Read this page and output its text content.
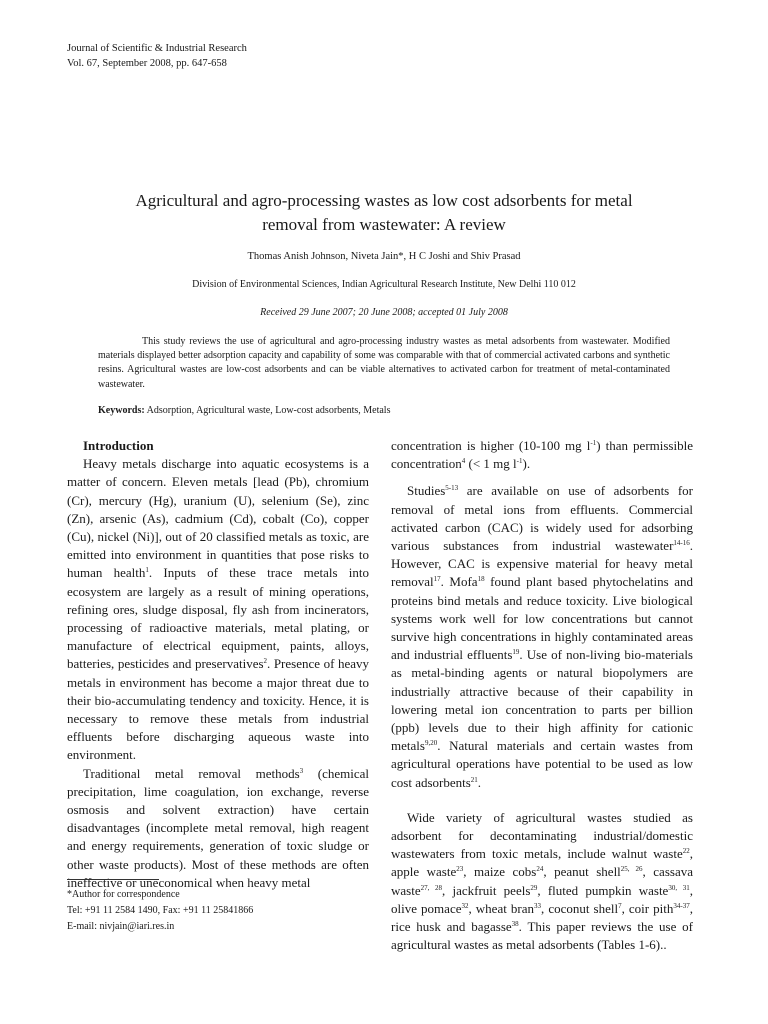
Journal of Scientific & Industrial Research
Vol. 67, September 2008, pp. 647-658
Agricultural and agro-processing wastes as low cost adsorbents for metal
removal from wastewater: A review
Thomas Anish Johnson, Niveta Jain*, H C Joshi and Shiv Prasad
Division of Environmental Sciences, Indian Agricultural Research Institute, New Delhi 110 012
Received 29 June 2007; 20 June 2008; accepted 01 July 2008
This study reviews the use of agricultural and agro-processing industry wastes as metal adsorbents from wastewater. Modified materials displayed better adsorption capacity and capability of some was comparable with that of commercial activated carbons and synthetic resins. Agricultural wastes are low-cost adsorbents and can be viable alternatives to activated carbon for treatment of metal-contaminated wastewater.
Keywords: Adsorption, Agricultural waste, Low-cost adsorbents, Metals

Introduction

Heavy metals discharge into aquatic ecosystems is a matter of concern. Eleven metals [lead (Pb), chromium (Cr), mercury (Hg), uranium (U), selenium (Se), zinc (Zn), arsenic (As), cadmium (Cd), cobalt (Co), copper (Cu), nickel (Ni)], out of 20 classified metals as toxic, are emitted into environment in quantities that pose risks to human health$^1$. Inputs of these trace metals into ecosystem are largely as a result of mining operations, refining ores, sludge disposal, fly ash from incinerators, processing of radioactive materials, metal plating, or manufacture of electrical equipment, paints, alloys, batteries, pesticides and preservatives$^2$. Presence of heavy metals in environment has become a major threat due to their bio-accumulating tendency and toxicity. Hence, it is necessary to remove these metals from industrial effluents before discharging aqueous waste into environment.

Traditional metal removal methods$^3$ (chemical precipitation, lime coagulation, ion exchange, reverse osmosis and solvent extraction) have certain disadvantages (incomplete metal removal, high reagent and energy requirements, generation of toxic sludge or other waste products). Most of these methods are often ineffective or uneconomical when heavy metal

concentration is higher (10-100 mg $l^{-1}$) than permissible concentration$^4$ (< 1 mg $l^{-1}$).

Studies$^{5-13}$ are available on use of adsorbents for removal of metal ions from effluents. Commercial activated carbon (CAC) is widely used for adsorbing various substances from industrial wastewater$^{14-16}$. However, CAC is expensive material for heavy metal removal$^{17}$. Mofa$^{18}$ found plant based phytochelatins and proteins bind metals and reduce toxicity. Live biological systems work well for low concentrations but cannot survive high concentrations in highly contaminated areas and industrial effluents$^{19}$. Use of non-living bio-materials as metal-binding agents or natural biopolymers are industrially attractive because of their capability in lowering metal ion concentration to parts per billion (ppb) levels due to their high affinity for cationic metals$^{9,20}$. Natural materials and certain wastes from agricultural operations have potential to be used as low cost adsorbents$^{21}$.

Wide variety of agricultural wastes studied as adsorbent for decontaminating industrial/domestic wastewaters from toxic metals, include walnut waste$^{22}$, apple waste$^{23}$, maize cobs$^{24}$, peanut shell$^{25, 26}$, cassava waste$^{27, 28}$, jackfruit peels$^{29}$, fluted pumpkin waste$^{30, 31}$, olive pomace$^{32}$, wheat bran$^{33}$, coconut shell$^7$, coir pith$^{34-37}$, rice husk and bagasse$^{38}$. This paper reviews the use of agricultural wastes as metal adsorbents (Tables 1-6)..

*Author for correspondence
Tel: +91 11 2584 1490, Fax: +91 11 25841866
E-mail: nivjain@iari.res.in
